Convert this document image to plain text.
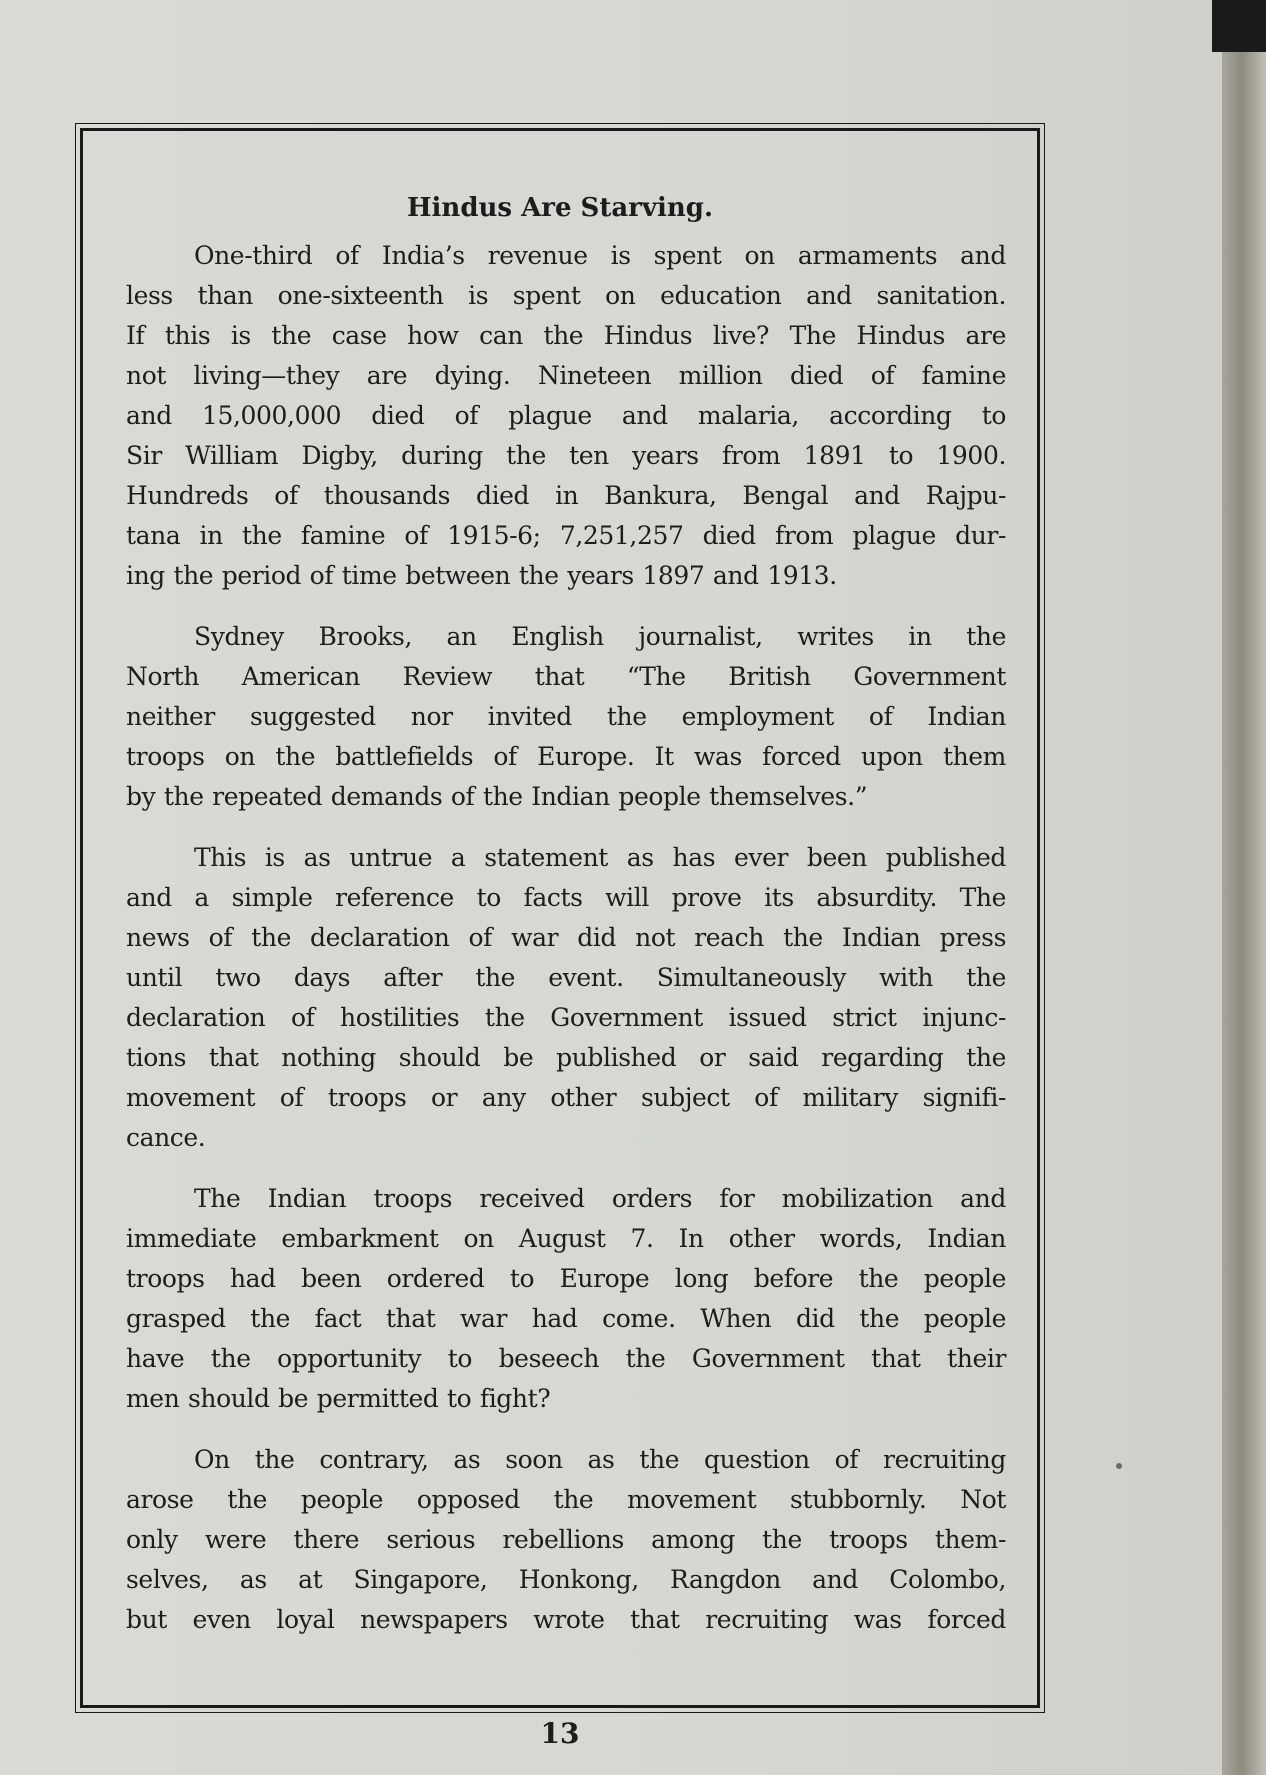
Hindus Are Starving.

One-third of India’s revenue is spent on armaments and
less than one-sixteenth is spent on education and sanitation.
If this is the case how can the Hindus live? The Hindus are
not living—they are dying. Nineteen million died of famine
and 15,000,000 died of plague and malaria, according to
Sir William Digby, during the ten years from 1891 to 1900.
Hundreds of thousands died in Bankura, Bengal and Rajpu-
tana in the famine of 1915-6; 7,251,257 died from plague dur-
ing the period of time between the years 1897 and 1913.

Sydney Brooks, an English journalist, writes in the
North American Review that “The British Government
neither suggested nor invited the employment of Indian
troops on the battlefields of Europe. It was forced upon them
by the repeated demands of the Indian people themselves.”

This is as untrue a statement as has ever been published
and a simple reference to facts will prove its absurdity. The
news of the declaration of war did not reach the Indian press
until two days after the event. Simultaneously with the
declaration of hostilities the Government issued strict injunc-
tions that nothing should be published or said regarding the
movement of troops or any other subject of military signifi-
cance.

The Indian troops received orders for mobilization and
immediate embarkment on August 7. In other words, Indian
troops had been ordered to Europe long before the people
grasped the fact that war had come. When did the people
have the opportunity to beseech the Government that their
men should be permitted to fight?

On the contrary, as soon as the question of recruiting
arose the people opposed the movement stubbornly. Not
only were there serious rebellions among the troops them-
selves, as at Singapore, Honkong, Rangdon and Colombo,
but even loyal newspapers wrote that recruiting was forced

13
